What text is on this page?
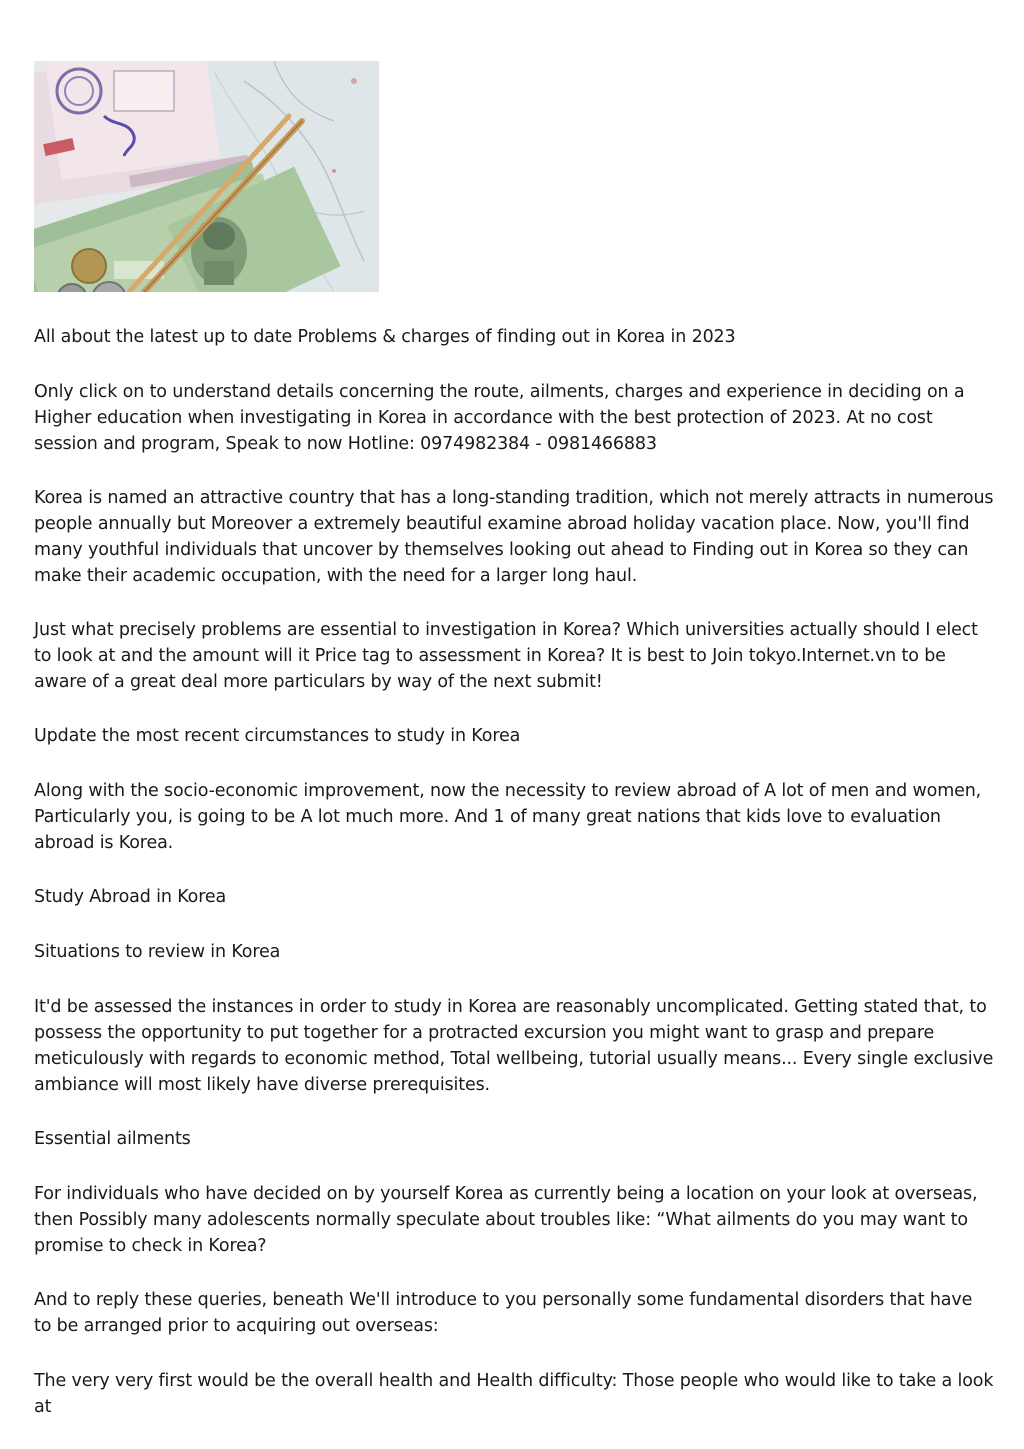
All about the latest up to date Problems & charges of finding out in Korea in 2023

Only click on to understand details concerning the route, ailments, charges and experience in deciding on a Higher education when investigating in Korea in accordance with the best protection of 2023. At no cost session and program, Speak to now Hotline: 0974982384 - 0981466883

Korea is named an attractive country that has a long-standing tradition, which not merely attracts in numerous people annually but Moreover a extremely beautiful examine abroad holiday vacation place. Now, you'll find many youthful individuals that uncover by themselves looking out ahead to Finding out in Korea so they can make their academic occupation, with the need for a larger long haul.

Just what precisely problems are essential to investigation in Korea? Which universities actually should I elect to look at and the amount will it Price tag to assessment in Korea? It is best to Join tokyo.Internet.vn to be aware of a great deal more particulars by way of the next submit!

Update the most recent circumstances to study in Korea

Along with the socio-economic improvement, now the necessity to review abroad of A lot of men and women, Particularly you, is going to be A lot much more. And 1 of many great nations that kids love to evaluation abroad is Korea.

Study Abroad in Korea

Situations to review in Korea

It'd be assessed the instances in order to study in Korea are reasonably uncomplicated. Getting stated that, to possess the opportunity to put together for a protracted excursion you might want to grasp and prepare meticulously with regards to economic method, Total wellbeing, tutorial usually means... Every single exclusive ambiance will most likely have diverse prerequisites.

Essential ailments

For individuals who have decided on by yourself Korea as currently being a location on your look at overseas, then Possibly many adolescents normally speculate about troubles like: “What ailments do you may want to promise to check in Korea?

And to reply these queries, beneath We'll introduce to you personally some fundamental disorders that have to be arranged prior to acquiring out overseas:

The very very first would be the overall health and Health difficulty: Those people who would like to take a look at
